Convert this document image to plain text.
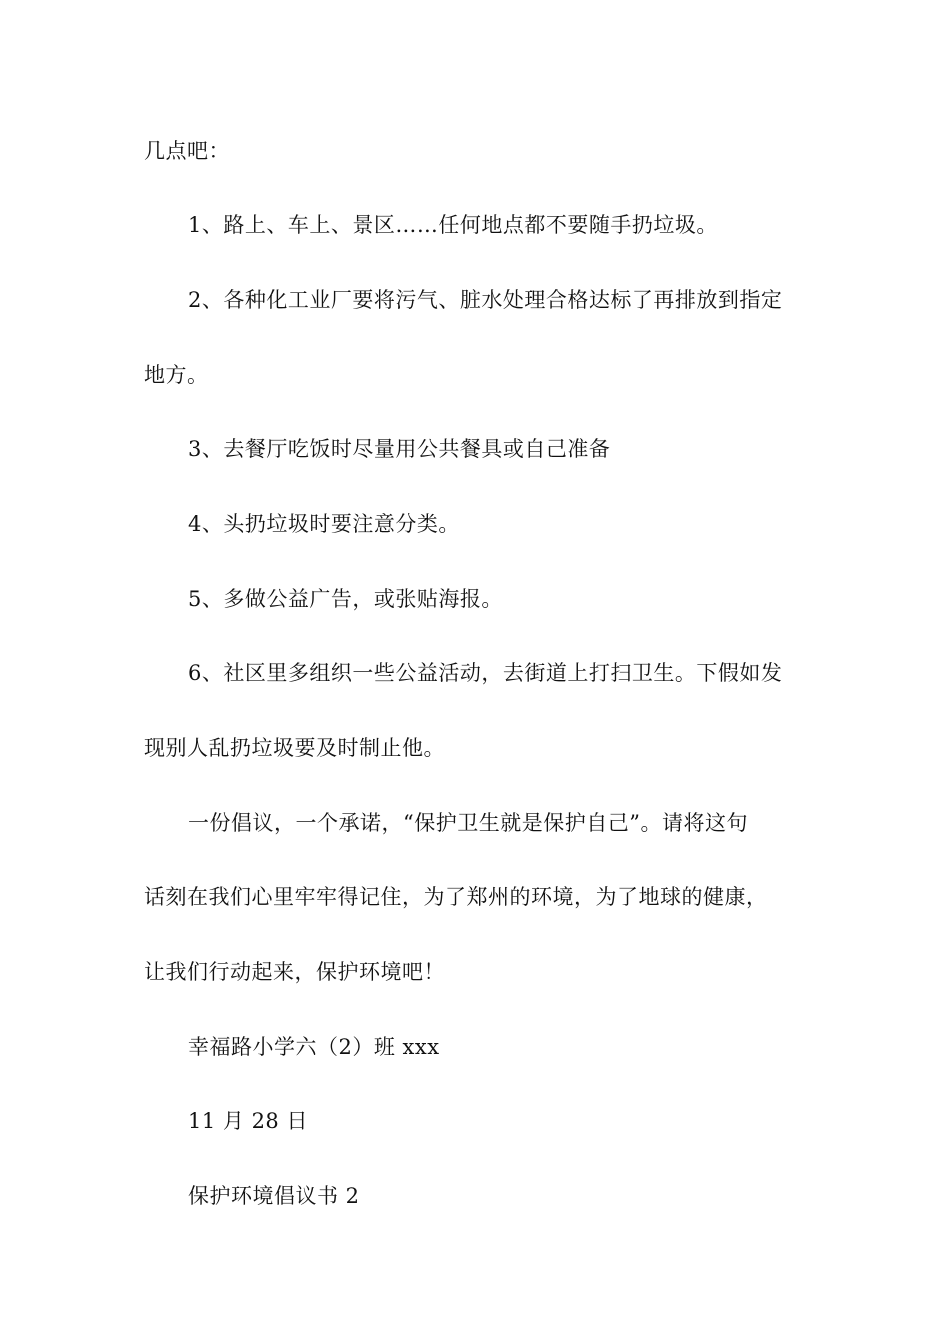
几点吧：

1、路上、车上、景区……任何地点都不要随手扔垃圾。

2、各种化工业厂要将污气、脏水处理合格达标了再排放到指定

地方。

3、去餐厅吃饭时尽量用公共餐具或自己准备

4、头扔垃圾时要注意分类。

5、多做公益广告，或张贴海报。

6、社区里多组织一些公益活动，去街道上打扫卫生。下假如发

现别人乱扔垃圾要及时制止他。

一份倡议，一个承诺，“保护卫生就是保护自己”。请将这句

话刻在我们心里牢牢得记住，为了郑州的环境，为了地球的健康，

让我们行动起来，保护环境吧！

幸福路小学六（2）班 xxx

11 月 28 日

保护环境倡议书 2
